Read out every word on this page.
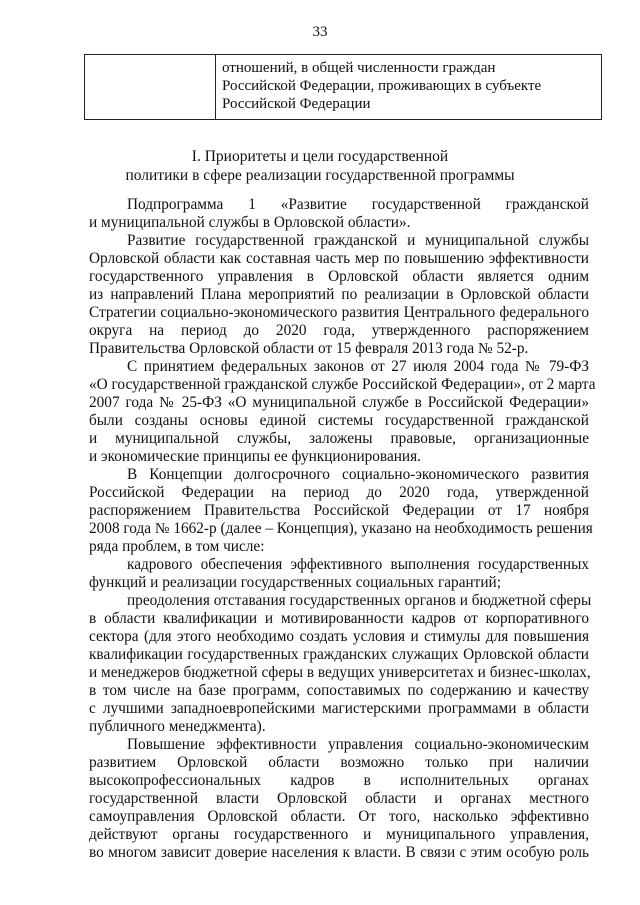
33

отношений, в общей численности граждан
Российской Федерации, проживающих в субъекте
Российской Федерации
I. Приоритеты и цели государственной
политики в сфере реализации государственной программы
Подпрограмма 1 «Развитие государственной гражданской
и муниципальной службы в Орловской области».
Развитие государственной гражданской и муниципальной службы
Орловской области как составная часть мер по повышению эффективности
государственного управления в Орловской области является одним
из направлений Плана мероприятий по реализации в Орловской области
Стратегии социально-экономического развития Центрального федерального
округа на период до 2020 года, утвержденного распоряжением
Правительства Орловской области от 15 февраля 2013 года № 52-р.
С принятием федеральных законов от 27 июля 2004 года № 79-ФЗ
«О государственной гражданской службе Российской Федерации», от 2 марта
2007 года № 25-ФЗ «О муниципальной службе в Российской Федерации»
были созданы основы единой системы государственной гражданской
и муниципальной службы, заложены правовые, организационные
и экономические принципы ее функционирования.
В Концепции долгосрочного социально-экономического развития
Российской Федерации на период до 2020 года, утвержденной
распоряжением Правительства Российской Федерации от 17 ноября
2008 года № 1662-р (далее – Концепция), указано на необходимость решения
ряда проблем, в том числе:
кадрового обеспечения эффективного выполнения государственных
функций и реализации государственных социальных гарантий;
преодоления отставания государственных органов и бюджетной сферы
в области квалификации и мотивированности кадров от корпоративного
сектора (для этого необходимо создать условия и стимулы для повышения
квалификации государственных гражданских служащих Орловской области
и менеджеров бюджетной сферы в ведущих университетах и бизнес-школах,
в том числе на базе программ, сопоставимых по содержанию и качеству
с лучшими западноевропейскими магистерскими программами в области
публичного менеджмента).
Повышение эффективности управления социально-экономическим
развитием Орловской области возможно только при наличии
высокопрофессиональных кадров в исполнительных органах
государственной власти Орловской области и органах местного
самоуправления Орловской области. От того, насколько эффективно
действуют органы государственного и муниципального управления,
во многом зависит доверие населения к власти. В связи с этим особую роль
